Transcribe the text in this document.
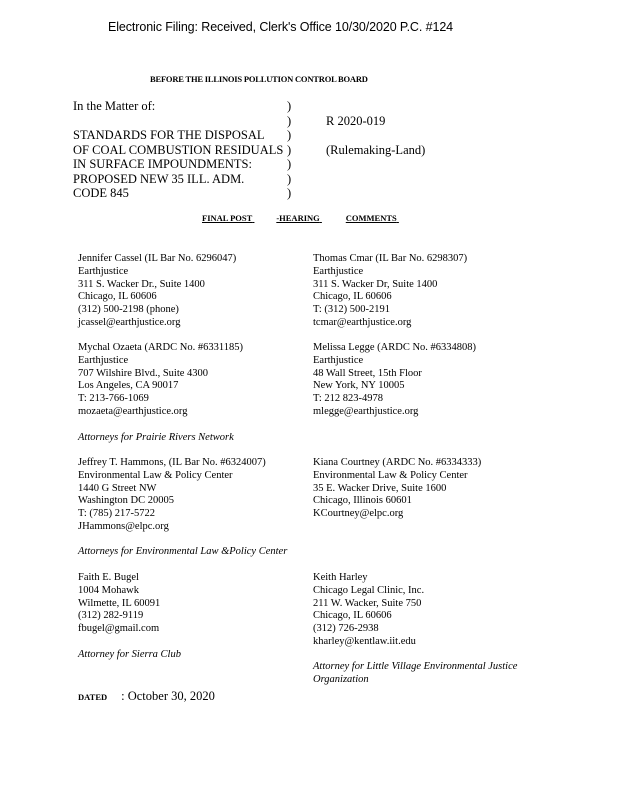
Electronic Filing: Received, Clerk's Office 10/30/2020 P.C. #124
BEFORE THE ILLINOIS POLLUTION CONTROL BOARD
In the Matter of:

STANDARDS FOR THE DISPOSAL
OF COAL COMBUSTION RESIDUALS
IN SURFACE IMPOUNDMENTS:
PROPOSED NEW 35 ILL. ADM.
CODE 845
)
)
)
)
)
)
)
R 2020-019
(Rulemaking-Land)
FINAL POST	-HEARING	COMMENTS
Jennifer Cassel (IL Bar No. 6296047)
Earthjustice
311 S. Wacker Dr., Suite 1400
Chicago, IL 60606
(312) 500-2198 (phone)
jcassel@earthjustice.org
Thomas Cmar (IL Bar No. 6298307)
Earthjustice
311 S. Wacker Dr, Suite 1400
Chicago, IL 60606
T: (312) 500-2191
tcmar@earthjustice.org
Mychal Ozaeta (ARDC No. #6331185)
Earthjustice
707 Wilshire Blvd., Suite 4300
Los Angeles, CA 90017
T: 213-766-1069
mozaeta@earthjustice.org
Melissa Legge (ARDC No. #6334808)
Earthjustice
48 Wall Street, 15th Floor
New York, NY 10005
T: 212 823-4978
mlegge@earthjustice.org
Attorneys for Prairie Rivers Network
Jeffrey T. Hammons, (IL Bar No. #6324007)
Environmental Law & Policy Center
1440 G Street NW
Washington DC 20005
T: (785) 217-5722
JHammons@elpc.org
Kiana Courtney (ARDC No. #6334333)
Environmental Law & Policy Center
35 E. Wacker Drive, Suite 1600
Chicago, Illinois 60601
KCourtney@elpc.org
Attorneys for Environmental Law &Policy Center
Faith E. Bugel
1004 Mohawk
Wilmette, IL 60091
(312) 282-9119
fbugel@gmail.com
Keith Harley
Chicago Legal Clinic, Inc.
211 W. Wacker, Suite 750
Chicago, IL 60606
(312) 726-2938
kharley@kentlaw.iit.edu
Attorney for Sierra Club
Attorney for Little Village Environmental Justice
Organization
DATED : October 30, 2020
